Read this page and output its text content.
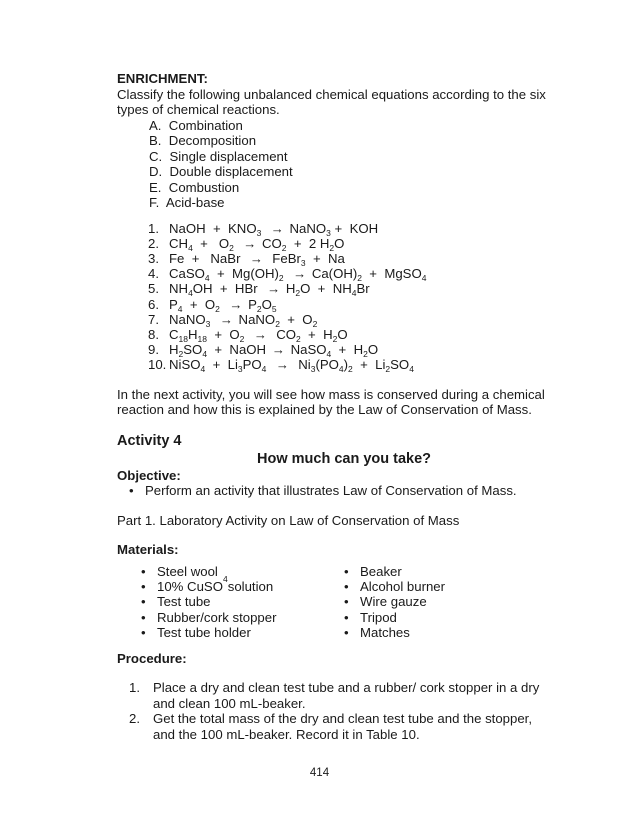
ENRICHMENT:
Classify the following unbalanced chemical equations according to the six types of chemical reactions.
A. Combination
B. Decomposition
C. Single displacement
D. Double displacement
E. Combustion
F. Acid-base
1. NaOH  +  $KNO_3$ → NaNO$_3$ +  KOH
2. $CH_4 + O_2 \to CO_2 + 2$ $H_2O$
3. Fe  +   NaBr  →  FeBr$_3$  +  Na
4. CaSO$_4$  +  $Mg(OH)_2 \to Ca(OH)_2$  +  MgSO$_4$
5. $NH_4OH$  +  HBr  → $H_2O + NH_4Br$
6. $P_4 + O_2 \to P_2O_5$
7. NaNO$_3$ → NaNO$_2$  +  $O_2$
8. $C_{18}H_{18} + O_2 \to CO_2 + H_2O$
9. $H_2SO_4$  +  NaOH → NaSO$_4$  +  $H_2O$
10. NiSO$_4$  +  $Li_3PO_4 \to Ni_3(PO_4)_2 + Li_2SO_4$
In the next activity, you will see how mass is conserved during a chemical reaction and how this is explained by the Law of Conservation of Mass.
Activity 4
How much can you take?
Objective:
• Perform an activity that illustrates Law of Conservation of Mass.
Part 1. Laboratory Activity on Law of Conservation of Mass
Materials:
• Steel wool
• 10% CuSO 4 solution
• Test tube
• Rubber/cork stopper
• Test tube holder
• Beaker
• Alcohol burner
• Wire gauze
• Tripod
• Matches
Procedure:
1. Place a dry and clean test tube and a rubber/ cork stopper in a dry and clean 100 mL-beaker.
2. Get the total mass of the dry and clean test tube and the stopper, and the 100 mL-beaker. Record it in Table 10.
414
